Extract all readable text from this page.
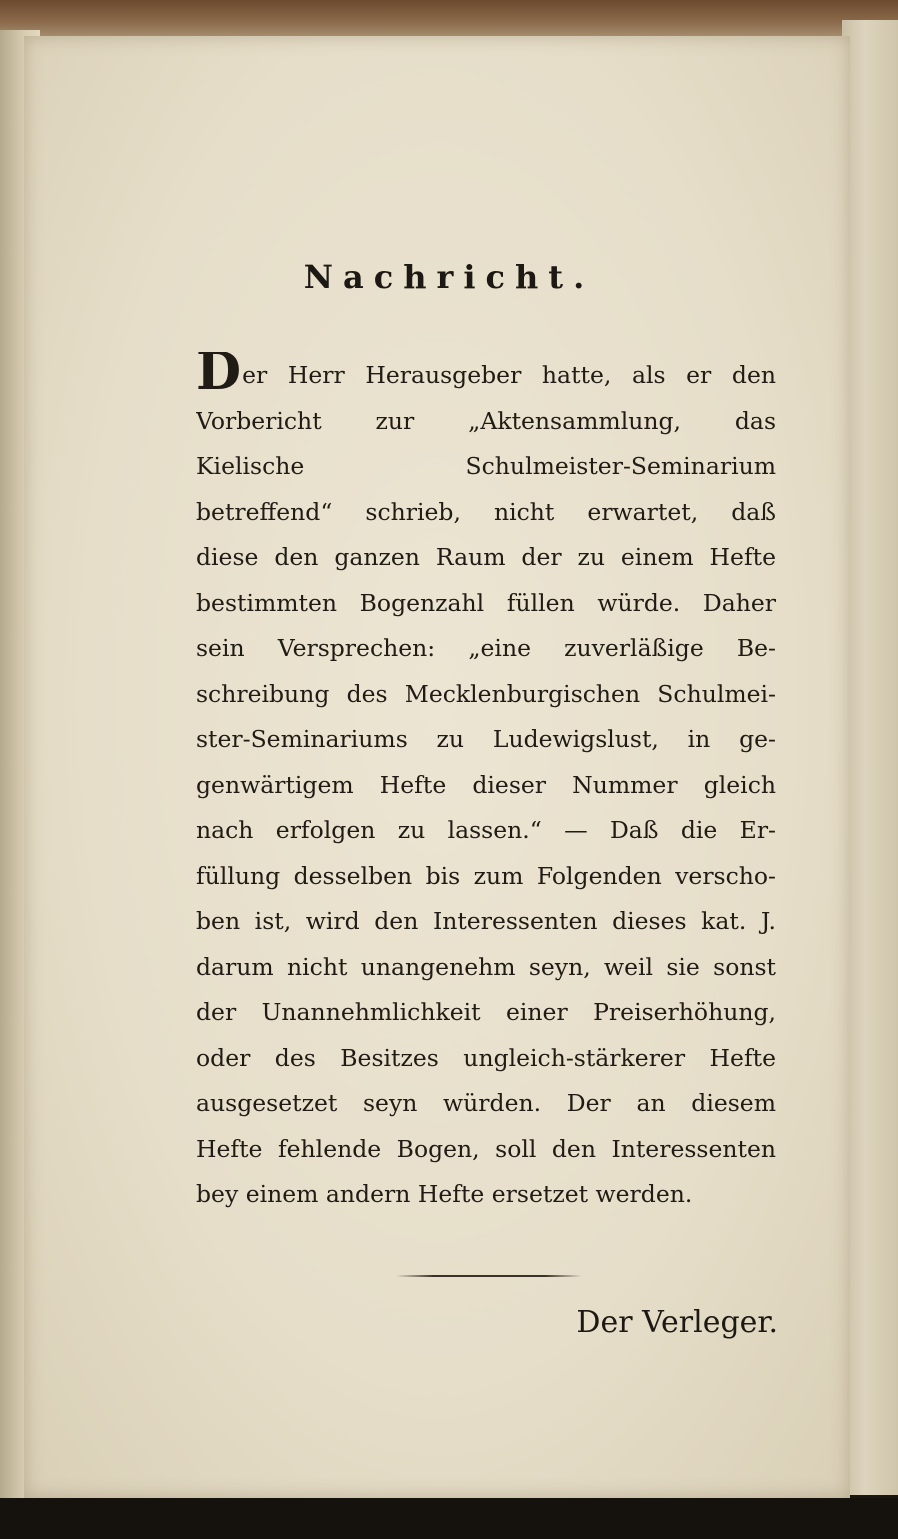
Nachricht.

Der Herr Herausgeber hatte, als er den
Vorbericht zur „Aktensammlung, das
Kielische Schulmeister-Seminarium
betreffend“ schrieb, nicht erwartet, daß
diese den ganzen Raum der zu einem Hefte
bestimmten Bogenzahl füllen würde. Daher
sein Versprechen: „eine zuverläßige Be-
schreibung des Mecklenburgischen Schulmei-
ster-Seminariums zu Ludewigslust, in ge-
genwärtigem Hefte dieser Nummer gleich
nach erfolgen zu lassen.“ — Daß die Er-
füllung desselben bis zum Folgenden verscho-
ben ist, wird den Interessenten dieses kat. J.
darum nicht unangenehm seyn, weil sie sonst
der Unannehmlichkeit einer Preiserhöhung,
oder des Besitzes ungleich-stärkerer Hefte
ausgesetzet seyn würden. Der an diesem
Hefte fehlende Bogen, soll den Interessenten
bey einem andern Hefte ersetzet werden.

Der Verleger.
